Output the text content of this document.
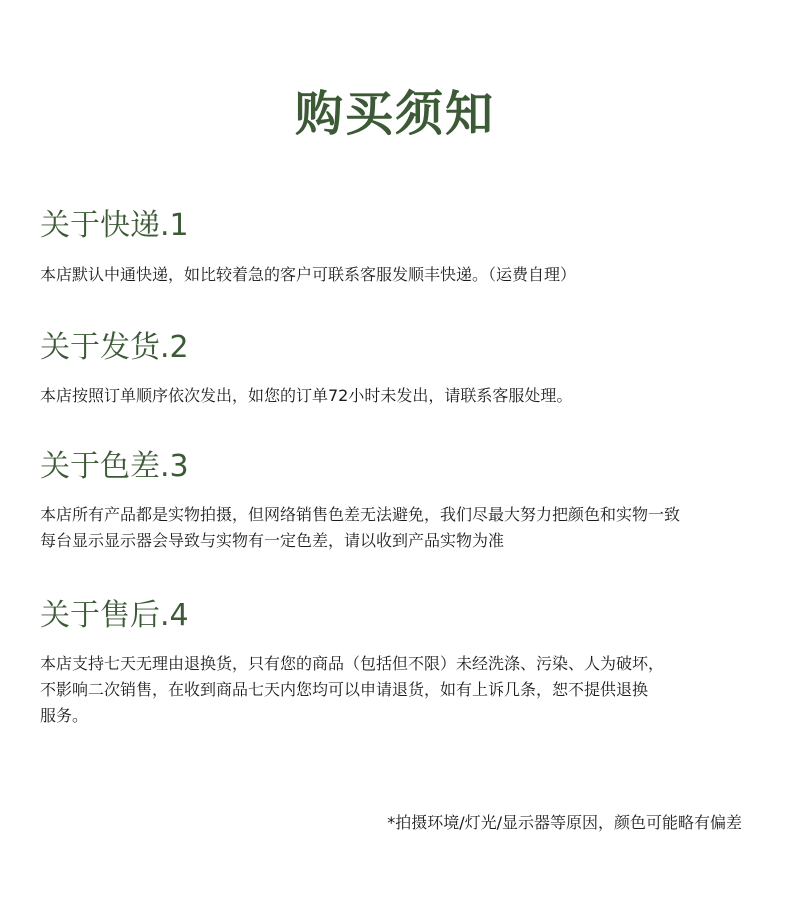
购买须知
关于快递.1

本店默认中通快递，如比较着急的客户可联系客服发顺丰快递。（运费自理）

关于发货.2

本店按照订单顺序依次发出，如您的订单72小时未发出，请联系客服处理。

关于色差.3

本店所有产品都是实物拍摄，但网络销售色差无法避免，我们尽最大努力把颜色和实物一致

每台显示显示器会导致与实物有一定色差，请以收到产品实物为准

关于售后.4

本店支持七天无理由退换货，只有您的商品（包括但不限）未经洗涤、污染、人为破坏，

不影响二次销售，在收到商品七天内您均可以申请退货，如有上诉几条，恕不提供退换

服务。

*拍摄环境/灯光/显示器等原因，颜色可能略有偏差
